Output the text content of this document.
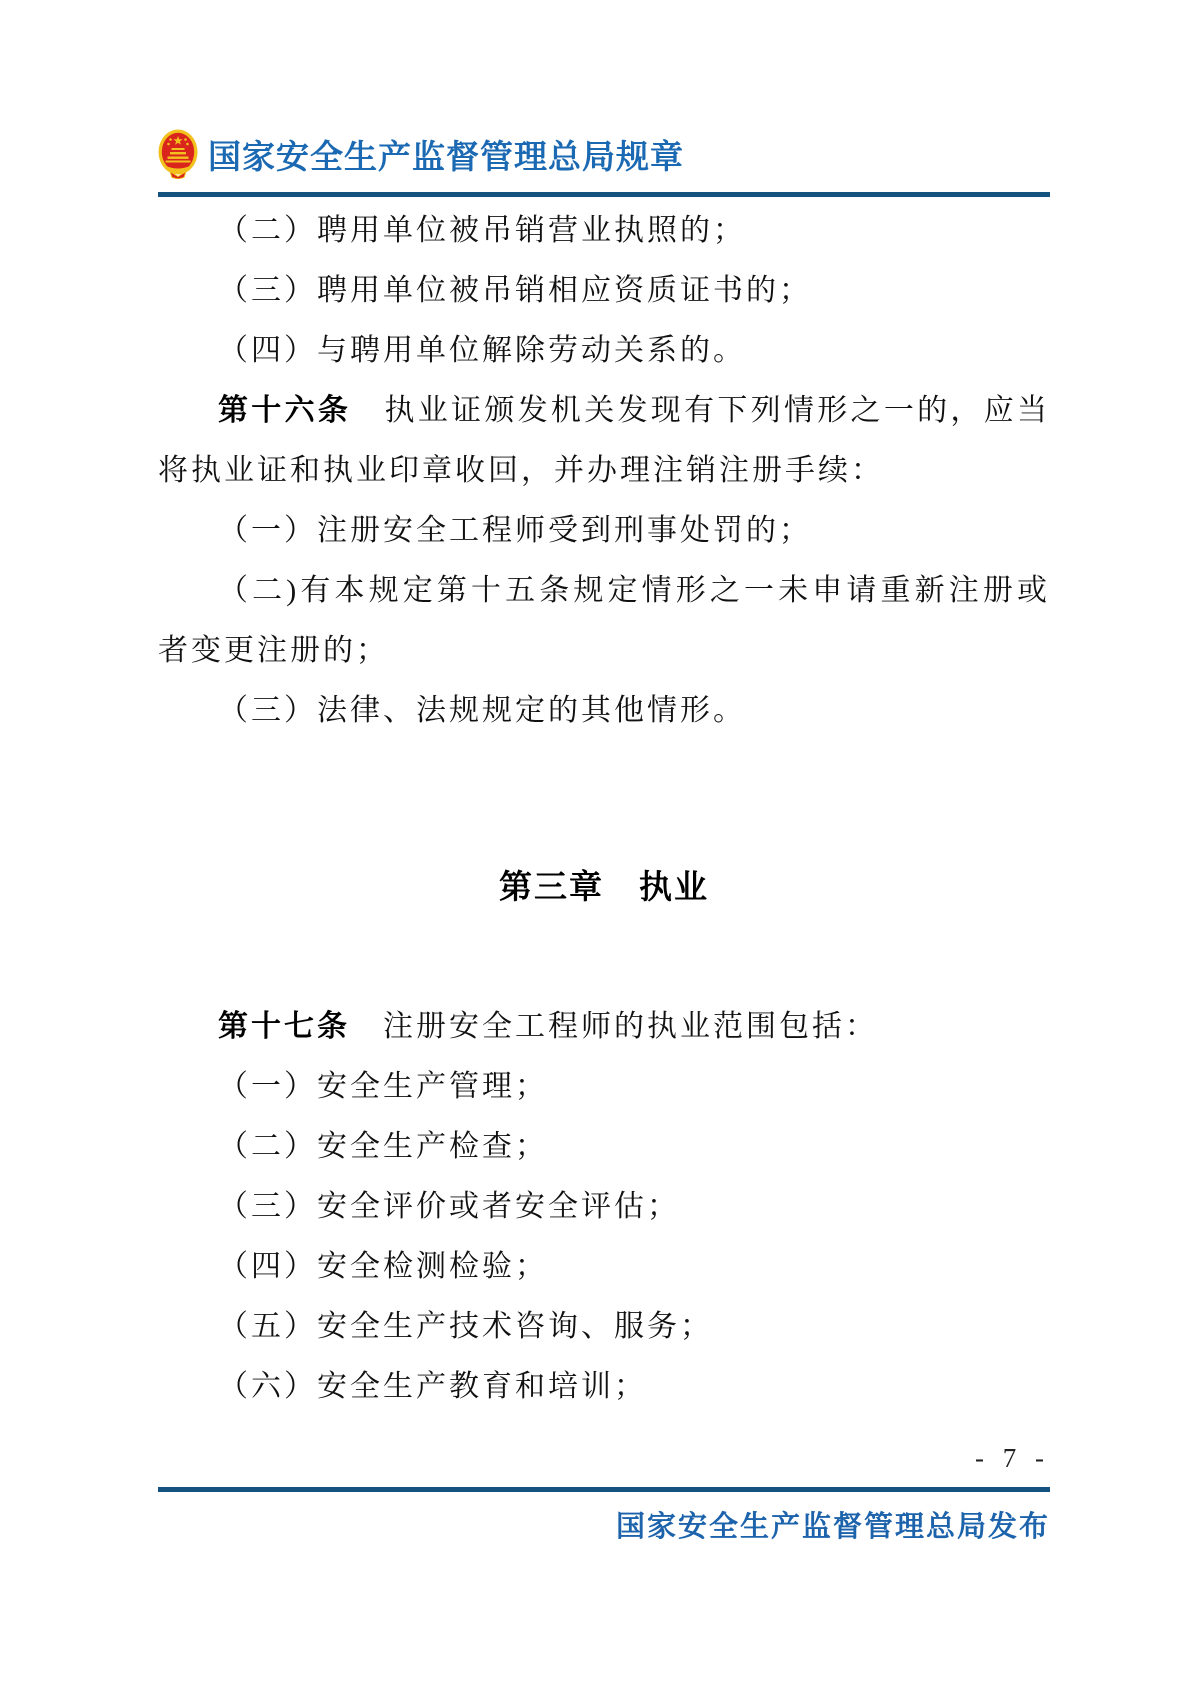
国家安全生产监督管理总局规章

（二）聘用单位被吊销营业执照的；

（三）聘用单位被吊销相应资质证书的；

（四）与聘用单位解除劳动关系的。

第十六条　执业证颁发机关发现有下列情形之一的，应当将执业证和执业印章收回，并办理注销注册手续：

（一）注册安全工程师受到刑事处罚的；

（二)有本规定第十五条规定情形之一未申请重新注册或者变更注册的；

（三）法律、法规规定的其他情形。

第三章　执业

第十七条　注册安全工程师的执业范围包括：

（一）安全生产管理；

（二）安全生产检查；

（三）安全评价或者安全评估；

（四）安全检测检验；

（五）安全生产技术咨询、服务；

（六）安全生产教育和培训；

- 7 -
国家安全生产监督管理总局发布
